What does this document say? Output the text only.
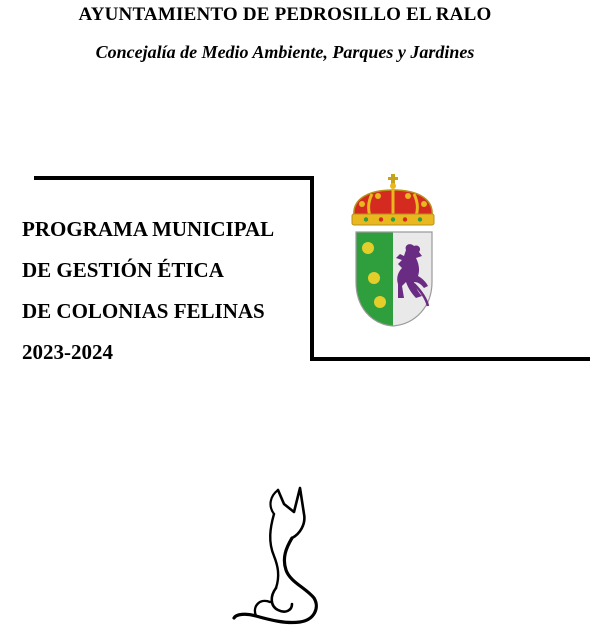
AYUNTAMIENTO DE PEDROSILLO EL RALO
Concejalía de Medio Ambiente, Parques y Jardines
PROGRAMA MUNICIPAL
DE GESTIÓN ÉTICA
DE COLONIAS FELINAS
2023-2024
